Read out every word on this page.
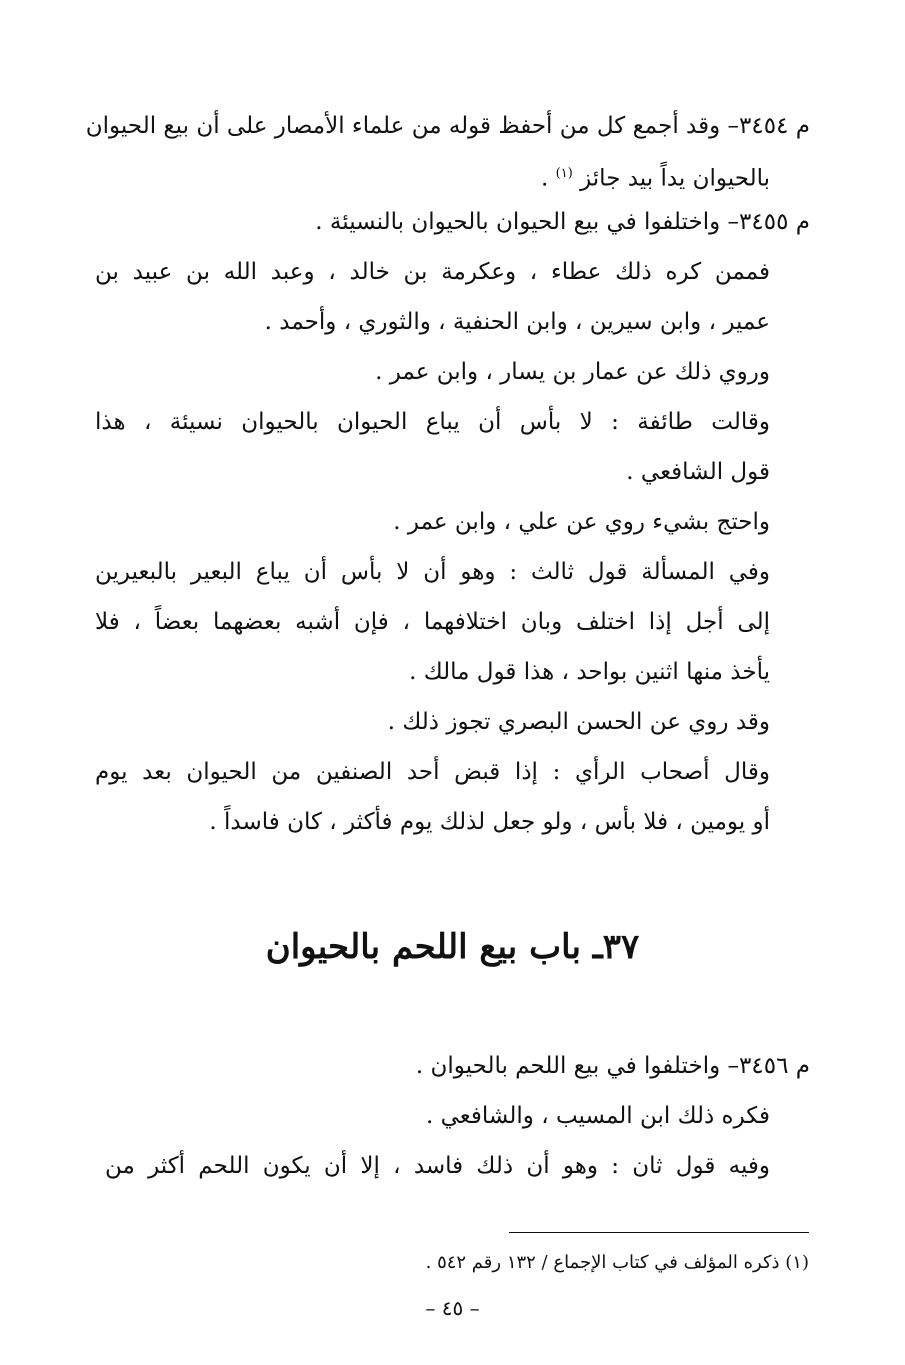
م ٣٤٥٤– وقد أجمع كل من أحفظ قوله من علماء الأمصار على أن بيع الحيوان
بالحيوان يداً بيد جائز $^{(١)}$ .
م ٣٤٥٥– واختلفوا في بيع الحيوان بالحيوان بالنسيئة .
فممن كره ذلك عطاء ، وعكرمة بن خالد ، وعبد الله بن عبيد بن
عمير ، وابن سيرين ، وابن الحنفية ، والثوري ، وأحمد .
وروي ذلك عن عمار بن يسار ، وابن عمر .
وقالت طائفة : لا بأس أن يباع الحيوان بالحيوان نسيئة ، هذا
قول الشافعي .
واحتج بشيء روي عن علي ، وابن عمر .
وفي المسألة قول ثالث : وهو أن لا بأس أن يباع البعير بالبعيرين
إلى أجل إذا اختلف وبان اختلافهما ، فإن أشبه بعضهما بعضاً ، فلا
يأخذ منها اثنين بواحد ، هذا قول مالك .
وقد روي عن الحسن البصري تجوز ذلك .
وقال أصحاب الرأي : إذا قبض أحد الصنفين من الحيوان بعد يوم
أو يومين ، فلا بأس ، ولو جعل لذلك يوم فأكثر ، كان فاسداً .
٣٧ـ باب بيع اللحم بالحيوان
م ٣٤٥٦– واختلفوا في بيع اللحم بالحيوان .
فكره ذلك ابن المسيب ، والشافعي .
وفيه قول ثان : وهو أن ذلك فاسد ، إلا أن يكون اللحم أكثر من
(١) ذكره المؤلف في كتاب الإجماع / ١٣٢ رقم ٥٤٢ .
– ٤٥ –
